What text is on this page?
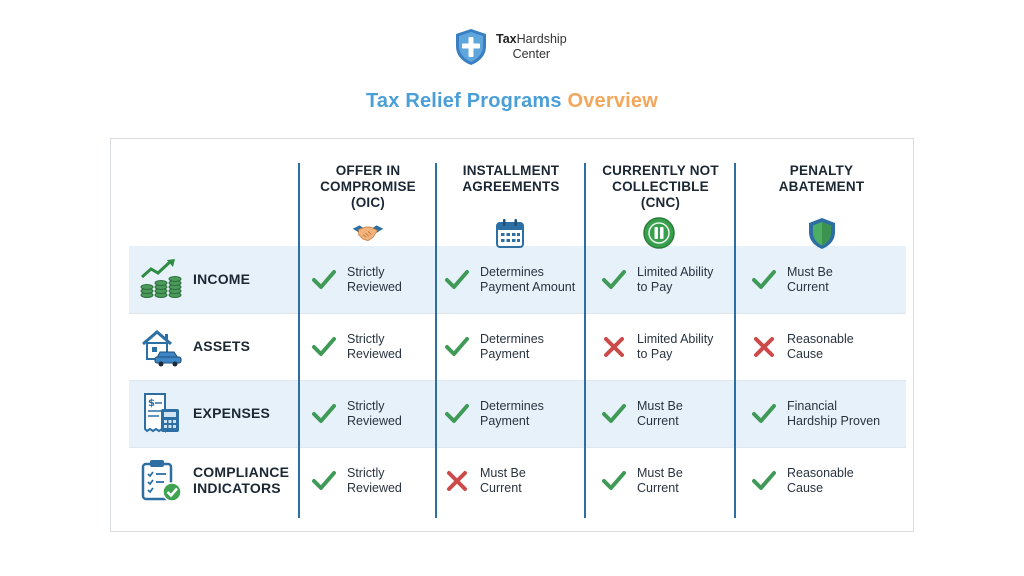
TaxHardship
Center
Tax Relief Programs Overview
OFFER IN
COMPROMISE
(OIC)
INSTALLMENT
AGREEMENTS
CURRENTLY NOT
COLLECTIBLE
(CNC)
PENALTY
ABATEMENT
INCOME
ASSETS
$
EXPENSES
COMPLIANCE
INDICATORS
Strictly
Reviewed
Determines
Payment Amount
Limited Ability
to Pay
Must Be
Current
Strictly
Reviewed
Determines
Payment
Limited Ability
to Pay
Reasonable
Cause
Strictly
Reviewed
Determines
Payment
Must Be
Current
Financial
Hardship Proven
Strictly
Reviewed
Must Be
Current
Must Be
Current
Reasonable
Cause
